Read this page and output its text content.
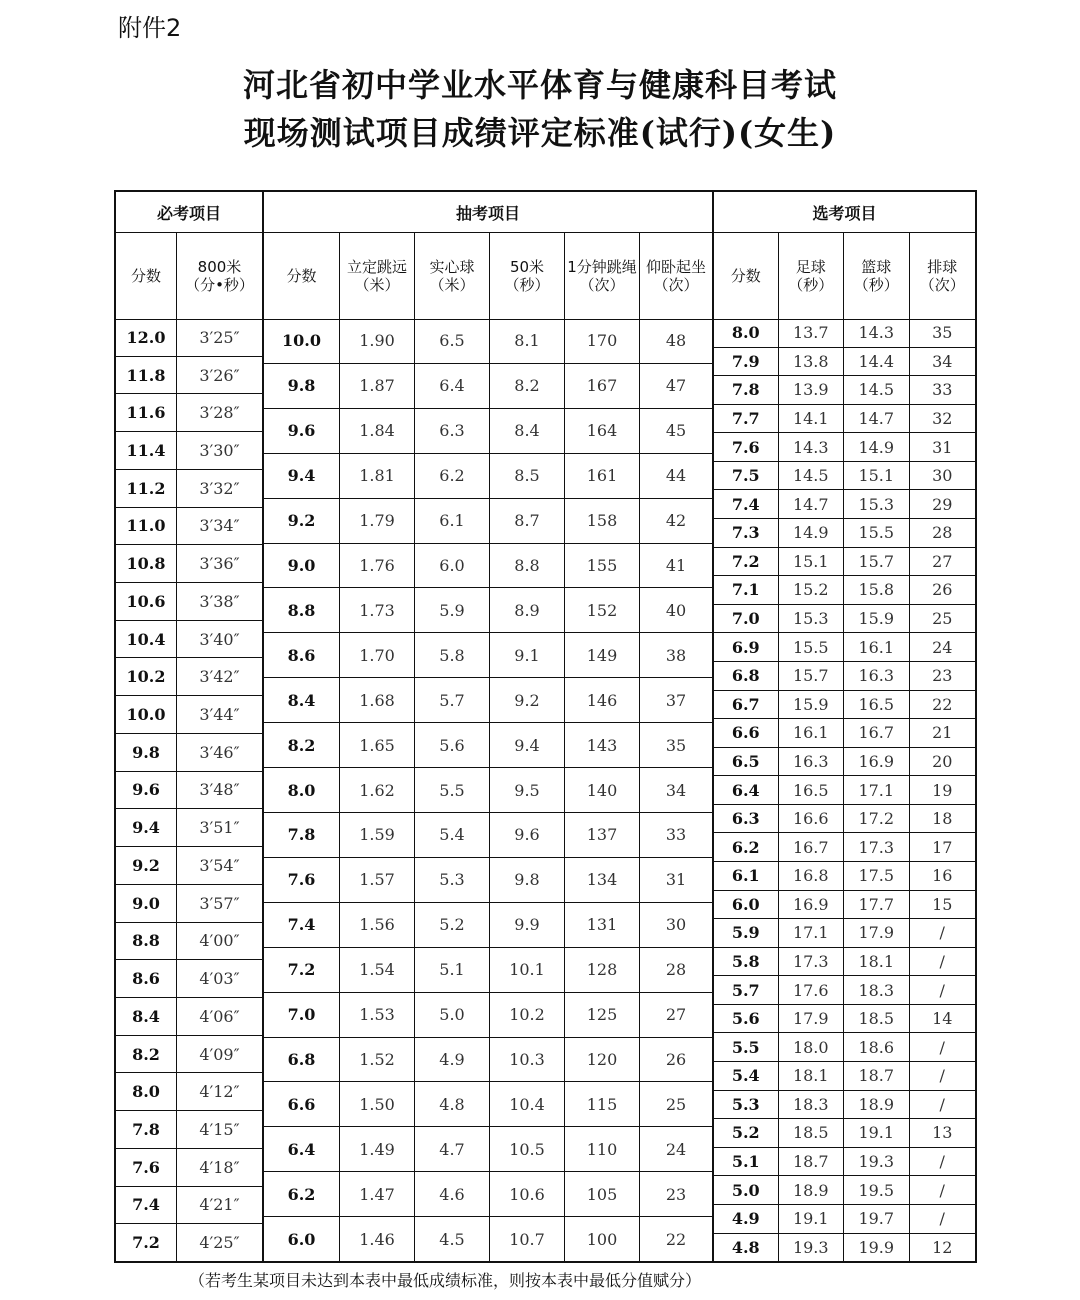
附件2
河北省初中学业水平体育与健康科目考试
现场测试项目成绩评定标准(试行)(女生)
必考项目
分数	800米
（分•秒）
12.0	3′25″
11.8	3′26″
11.6	3′28″
11.4	3′30″
11.2	3′32″
11.0	3′34″
10.8	3′36″
10.6	3′38″
10.4	3′40″
10.2	3′42″
10.0	3′44″
9.8	3′46″
9.6	3′48″
9.4	3′51″
9.2	3′54″
9.0	3′57″
8.8	4′00″
8.6	4′03″
8.4	4′06″
8.2	4′09″
8.0	4′12″
7.8	4′15″
7.6	4′18″
7.4	4′21″
7.2	4′25″
抽考项目
分数	立定跳远
（米）
实心球
（米）
50米
（秒）
1分钟跳绳
（次）
仰卧起坐
（次）
10.0	1.90	6.5	8.1	170	48
9.8	1.87	6.4	8.2	167	47
9.6	1.84	6.3	8.4	164	45
9.4	1.81	6.2	8.5	161	44
9.2	1.79	6.1	8.7	158	42
9.0	1.76	6.0	8.8	155	41
8.8	1.73	5.9	8.9	152	40
8.6	1.70	5.8	9.1	149	38
8.4	1.68	5.7	9.2	146	37
8.2	1.65	5.6	9.4	143	35
8.0	1.62	5.5	9.5	140	34
7.8	1.59	5.4	9.6	137	33
7.6	1.57	5.3	9.8	134	31
7.4	1.56	5.2	9.9	131	30
7.2	1.54	5.1	10.1	128	28
7.0	1.53	5.0	10.2	125	27
6.8	1.52	4.9	10.3	120	26
6.6	1.50	4.8	10.4	115	25
6.4	1.49	4.7	10.5	110	24
6.2	1.47	4.6	10.6	105	23
6.0	1.46	4.5	10.7	100	22
选考项目
分数	足球
（秒）
篮球
（秒）
排球
（次）
8.0	13.7	14.3	35
7.9	13.8	14.4	34
7.8	13.9	14.5	33
7.7	14.1	14.7	32
7.6	14.3	14.9	31
7.5	14.5	15.1	30
7.4	14.7	15.3	29
7.3	14.9	15.5	28
7.2	15.1	15.7	27
7.1	15.2	15.8	26
7.0	15.3	15.9	25
6.9	15.5	16.1	24
6.8	15.7	16.3	23
6.7	15.9	16.5	22
6.6	16.1	16.7	21
6.5	16.3	16.9	20
6.4	16.5	17.1	19
6.3	16.6	17.2	18
6.2	16.7	17.3	17
6.1	16.8	17.5	16
6.0	16.9	17.7	15
5.9	17.1	17.9	/
5.8	17.3	18.1	/
5.7	17.6	18.3	/
5.6	17.9	18.5	14
5.5	18.0	18.6	/
5.4	18.1	18.7	/
5.3	18.3	18.9	/
5.2	18.5	19.1	13
5.1	18.7	19.3	/
5.0	18.9	19.5	/
4.9	19.1	19.7	/
4.8	19.3	19.9	12
（若考生某项目未达到本表中最低成绩标准，则按本表中最低分值赋分）
